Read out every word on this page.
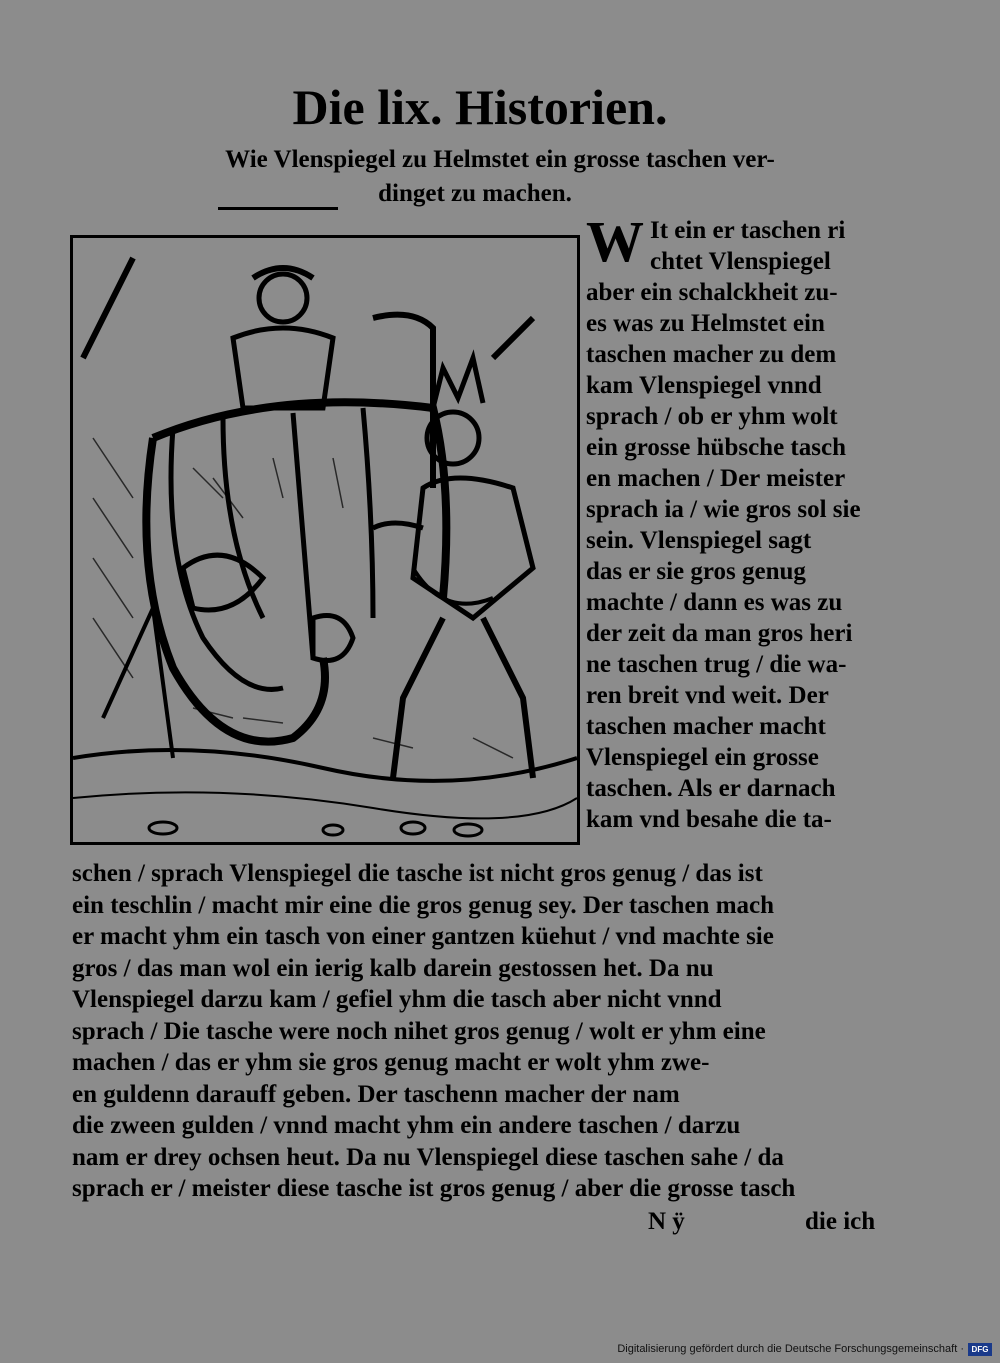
Die lix. Historien.
Wie Vlenspiegel zu Helmstet ein grosse taschen ver-
dinget zu machen.
W It ein er taschen ri
chtet Vlenspiegel
aber ein schalckheit zu-
es was zu Helmstet ein
taschen macher zu dem
kam Vlenspiegel vnnd
sprach / ob er yhm wolt
ein grosse hübsche tasch
en machen / Der meister
sprach ia / wie gros sol sie
sein. Vlenspiegel sagt
das er sie gros genug
machte / dann es was zu
der zeit da man gros heri
ne taschen trug / die wa-
ren breit vnd weit. Der
taschen macher macht
Vlenspiegel ein grosse
taschen. Als er darnach
kam vnd besahe die ta-
schen / sprach Vlenspiegel die tasche ist nicht gros genug / das ist
ein teschlin / macht mir eine die gros genug sey. Der taschen mach
er macht yhm ein tasch von einer gantzen küehut / vnd machte sie
gros / das man wol ein ierig kalb darein gestossen het. Da nu
Vlenspiegel darzu kam / gefiel yhm die tasch aber nicht vnnd
sprach / Die tasche were noch nihet gros genug / wolt er yhm eine
machen / das er yhm sie gros genug macht er wolt yhm zwe-
en guldenn darauff geben. Der taschenn macher der nam
die zween gulden / vnnd macht yhm ein andere taschen / darzu
nam er drey ochsen heut. Da nu Vlenspiegel diese taschen sahe / da
sprach er / meister diese tasche ist gros genug / aber die grosse tasch
N ÿ	die ich
Digitalisierung gefördert durch die Deutsche Forschungsgemeinschaft · DFG
